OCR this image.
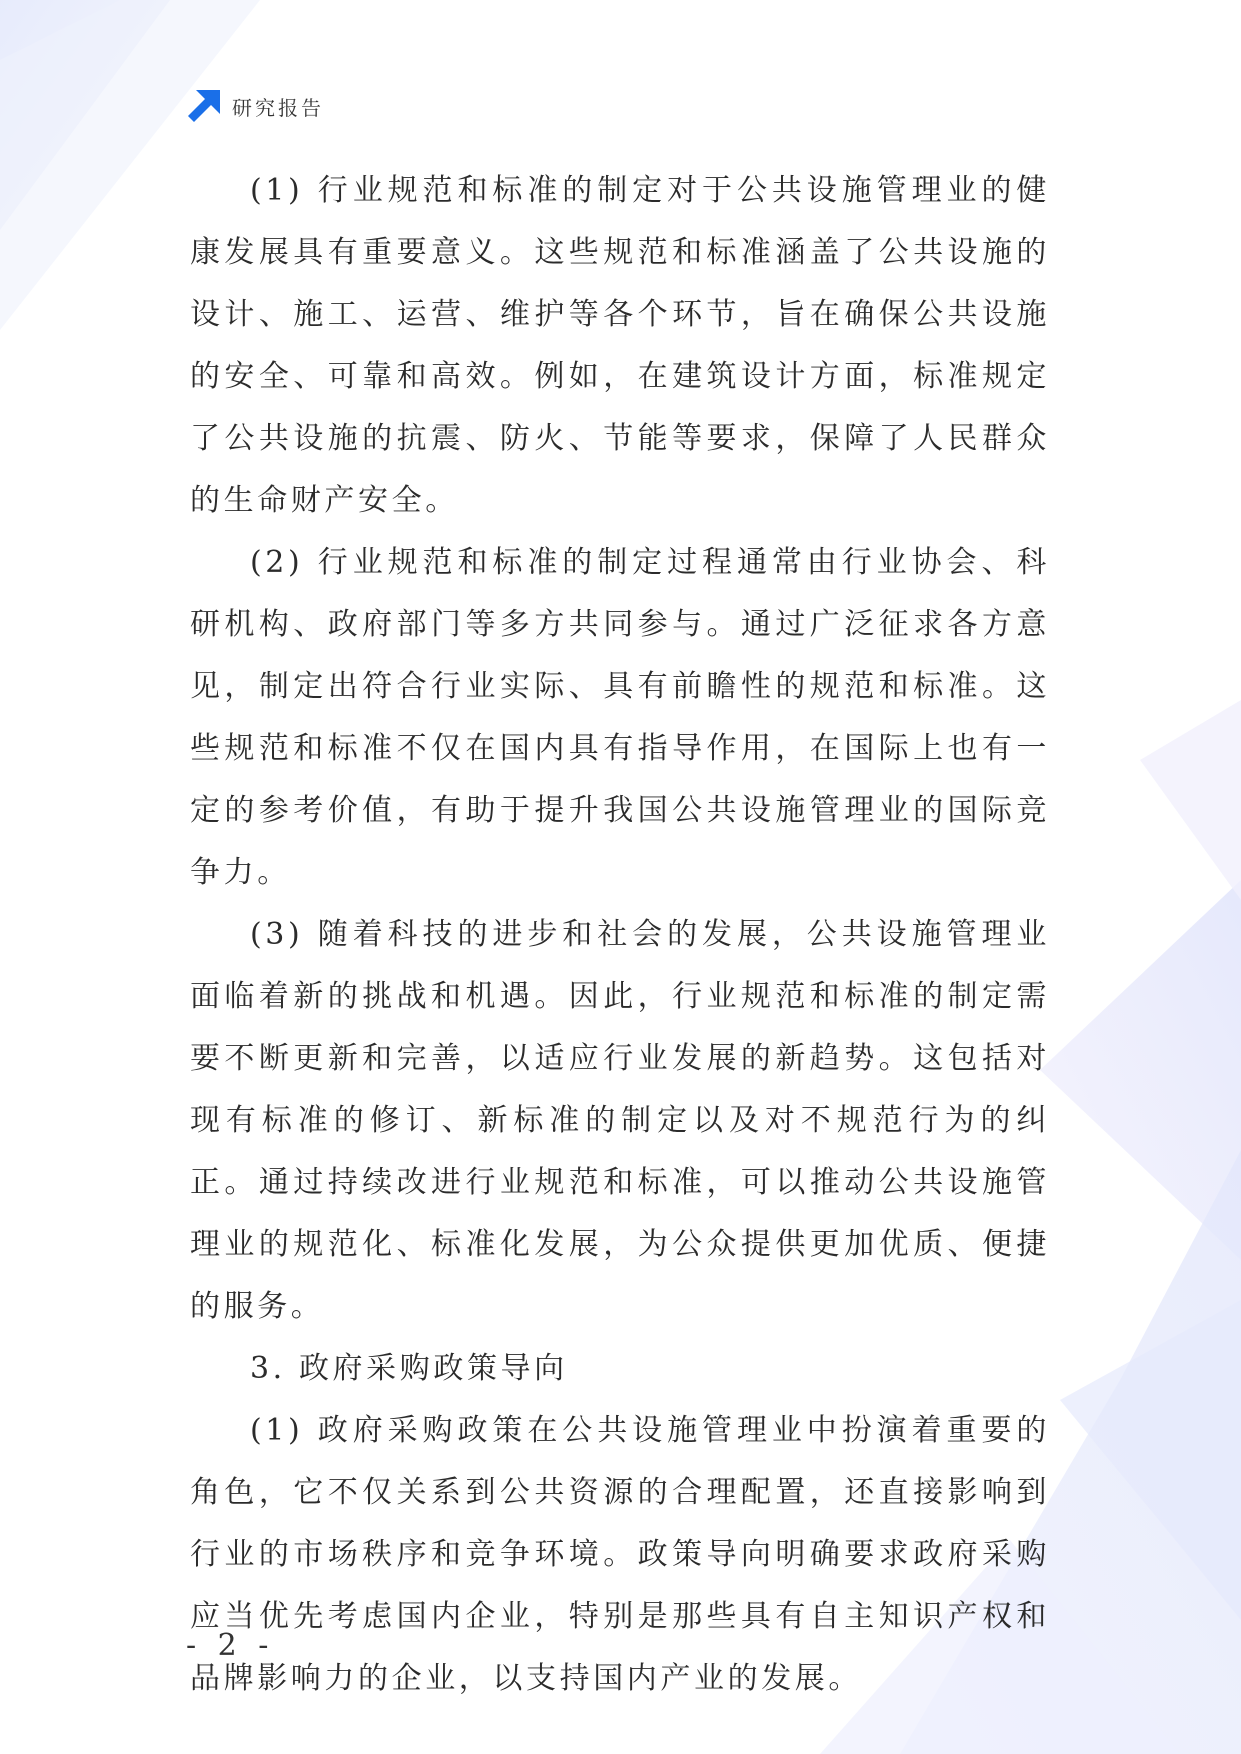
研究报告

(1) 行业规范和标准的制定对于公共设施管理业的健康发展具有重要意义。这些规范和标准涵盖了公共设施的设计、施工、运营、维护等各个环节，旨在确保公共设施的安全、可靠和高效。例如，在建筑设计方面，标准规定了公共设施的抗震、防火、节能等要求，保障了人民群众的生命财产安全。

(2) 行业规范和标准的制定过程通常由行业协会、科研机构、政府部门等多方共同参与。通过广泛征求各方意见，制定出符合行业实际、具有前瞻性的规范和标准。这些规范和标准不仅在国内具有指导作用，在国际上也有一定的参考价值，有助于提升我国公共设施管理业的国际竞争力。

(3) 随着科技的进步和社会的发展，公共设施管理业面临着新的挑战和机遇。因此，行业规范和标准的制定需要不断更新和完善，以适应行业发展的新趋势。这包括对现有标准的修订、新标准的制定以及对不规范行为的纠正。通过持续改进行业规范和标准，可以推动公共设施管理业的规范化、标准化发展，为公众提供更加优质、便捷的服务。

3. 政府采购政策导向

(1) 政府采购政策在公共设施管理业中扮演着重要的角色，它不仅关系到公共资源的合理配置，还直接影响到行业的市场秩序和竞争环境。政策导向明确要求政府采购应当优先考虑国内企业，特别是那些具有自主知识产权和品牌影响力的企业，以支持国内产业的发展。

- 2 -
